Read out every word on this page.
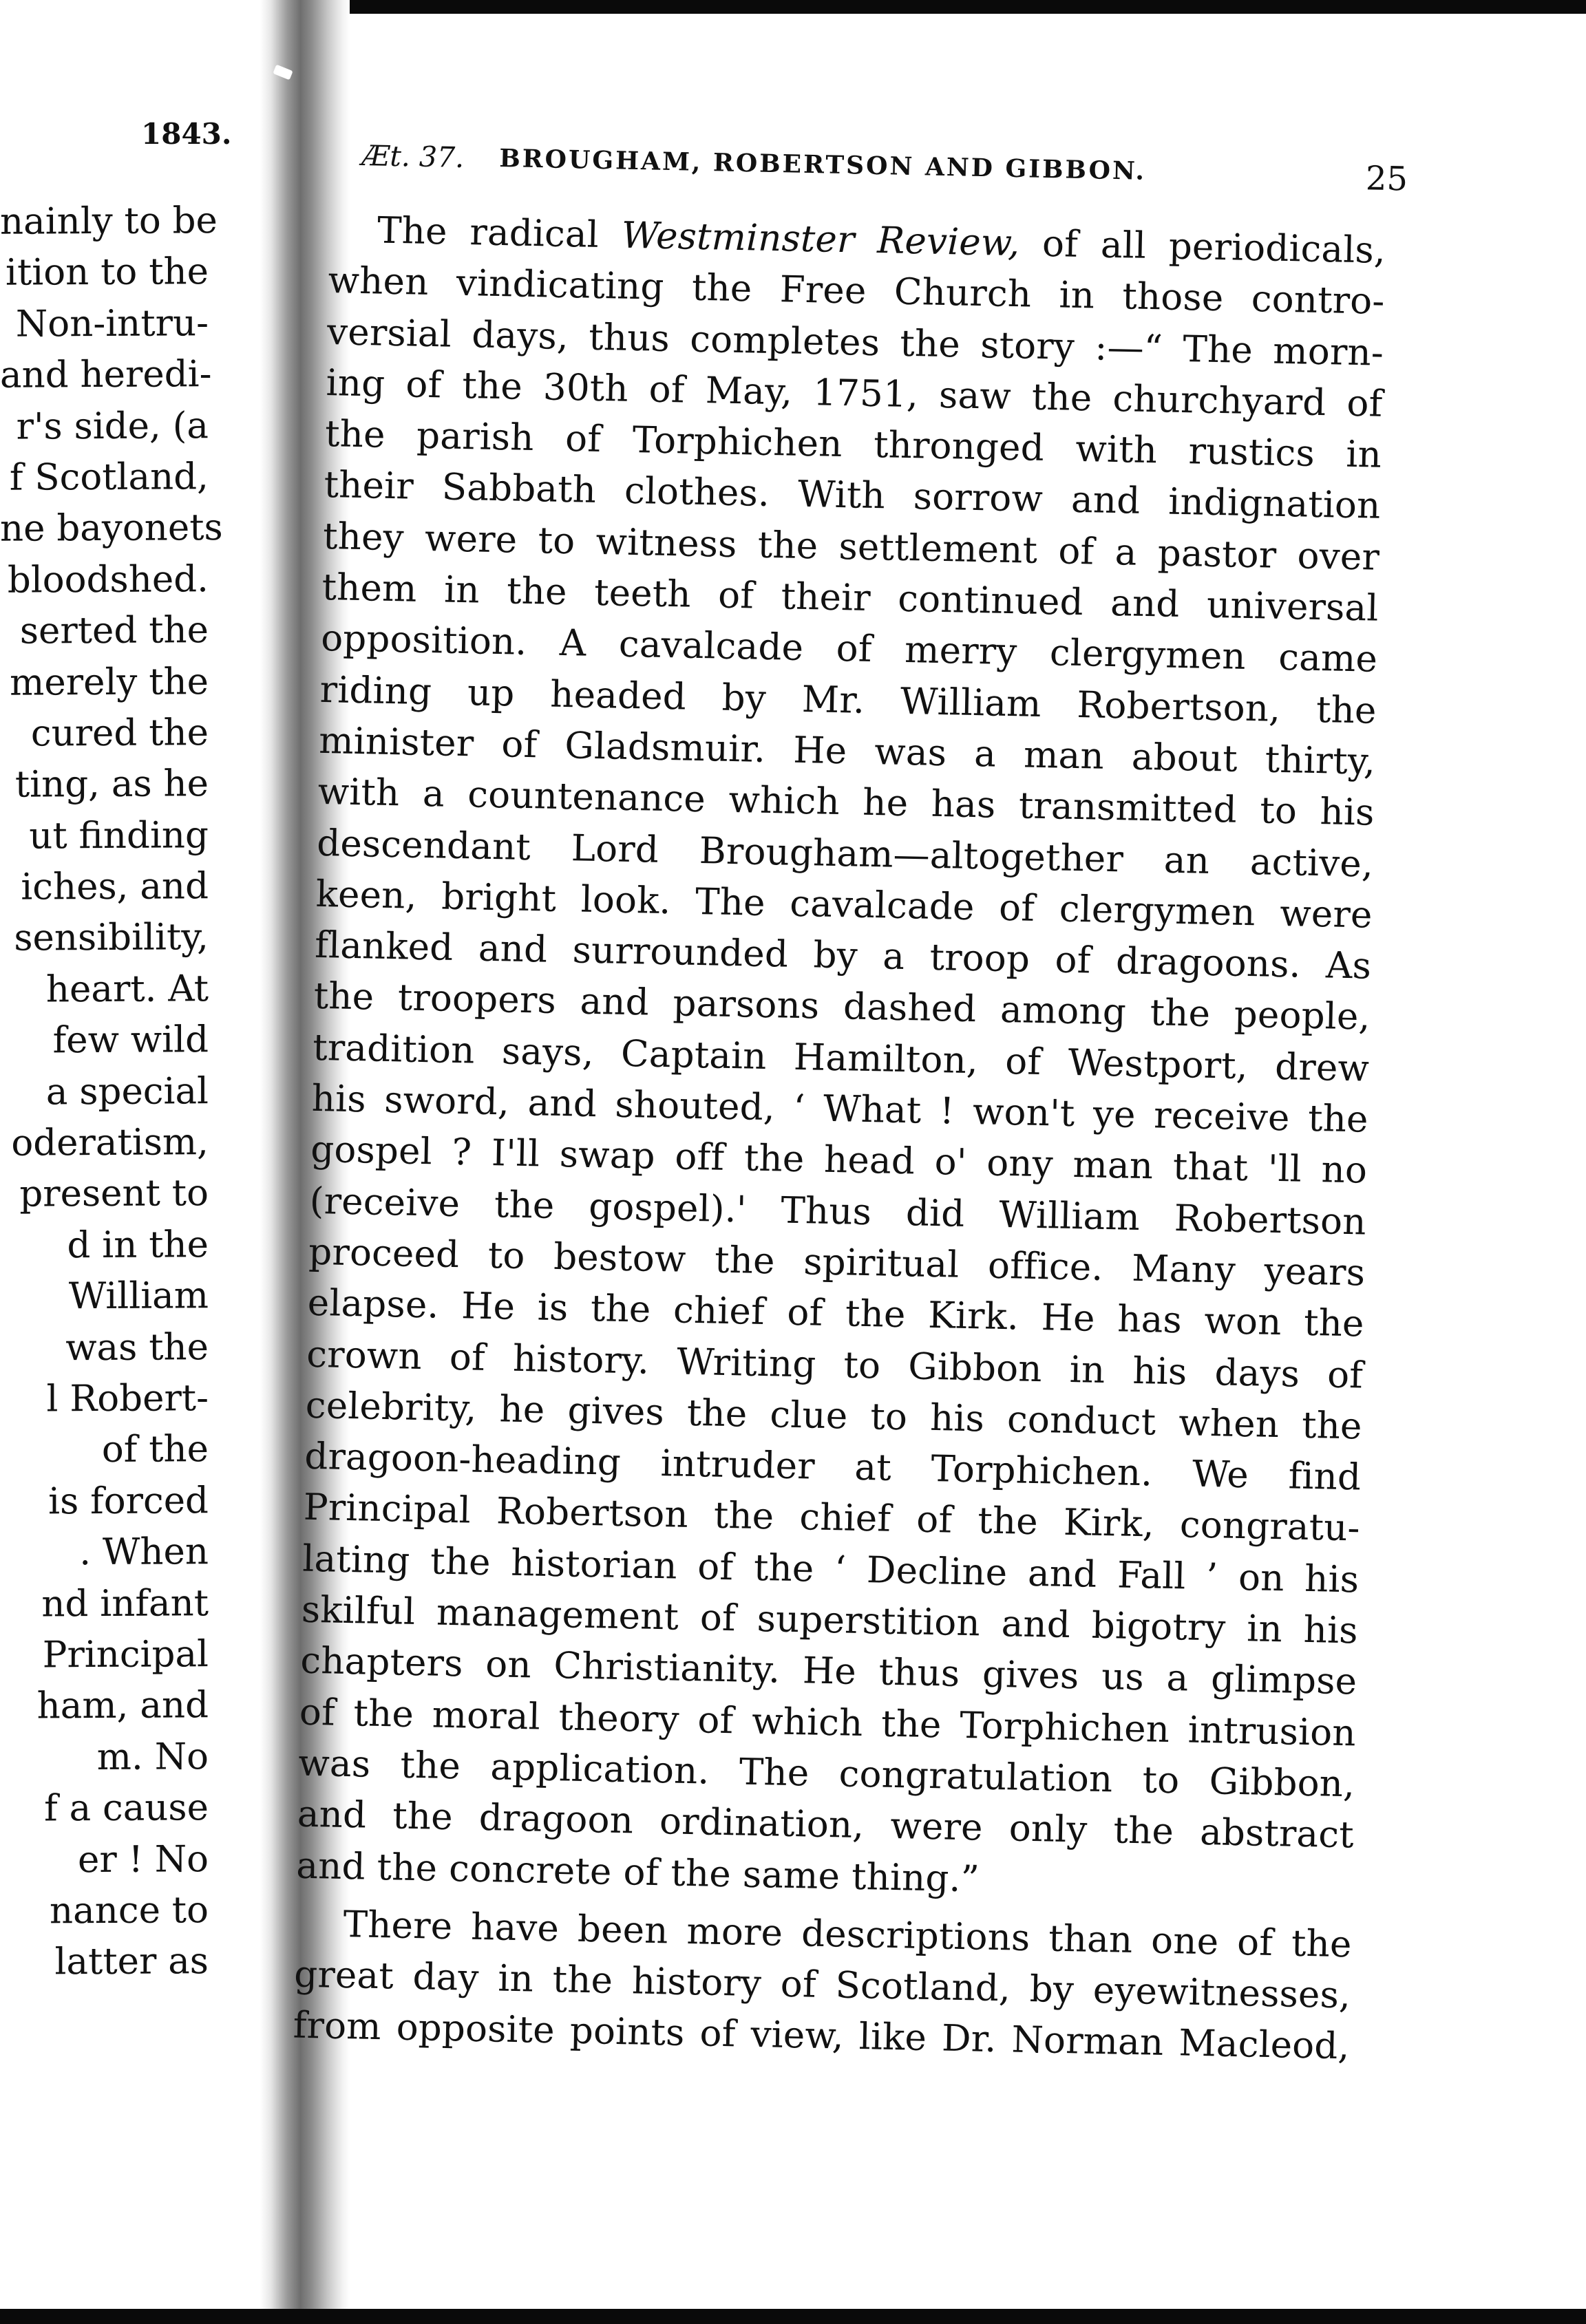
1843.
nainly to be
ition to the
Non-intru-
and heredi-
r's side, (a
f Scotland,
ne bayonets
bloodshed.
serted the
merely the
cured the
ting, as he
ut finding
iches, and
sensibility,
heart. At
few wild
a special
oderatism,
present to
d in the
William
was the
l Robert-
of the
is forced
. When
nd infant
Principal
ham, and
m. No
f a cause
er ! No
nance to
latter as
Æt. 37. BROUGHAM, ROBERTSON AND GIBBON.	25
The radical Westminster Review, of all periodicals,
when vindicating the Free Church in those contro-
versial days, thus completes the story :—“ The morn-
ing of the 30th of May, 1751, saw the churchyard of
the parish of Torphichen thronged with rustics in
their Sabbath clothes. With sorrow and indignation
they were to witness the settlement of a pastor over
them in the teeth of their continued and universal
opposition. A cavalcade of merry clergymen came
riding up headed by Mr. William Robertson, the
minister of Gladsmuir. He was a man about thirty,
with a countenance which he has transmitted to his
descendant Lord Brougham—altogether an active,
keen, bright look. The cavalcade of clergymen were
flanked and surrounded by a troop of dragoons. As
the troopers and parsons dashed among the people,
tradition says, Captain Hamilton, of Westport, drew
his sword, and shouted, ‘ What ! won't ye receive the
gospel ? I'll swap off the head o' ony man that 'll no
(receive the gospel).' Thus did William Robertson
proceed to bestow the spiritual office. Many years
elapse. He is the chief of the Kirk. He has won the
crown of history. Writing to Gibbon in his days of
celebrity, he gives the clue to his conduct when the
dragoon-heading intruder at Torphichen. We find
Principal Robertson the chief of the Kirk, congratu-
lating the historian of the ‘ Decline and Fall ’ on his
skilful management of superstition and bigotry in his
chapters on Christianity. He thus gives us a glimpse
of the moral theory of which the Torphichen intrusion
was the application. The congratulation to Gibbon,
and the dragoon ordination, were only the abstract
and the concrete of the same thing.”
There have been more descriptions than one of the
great day in the history of Scotland, by eyewitnesses,
from opposite points of view, like Dr. Norman Macleod,
